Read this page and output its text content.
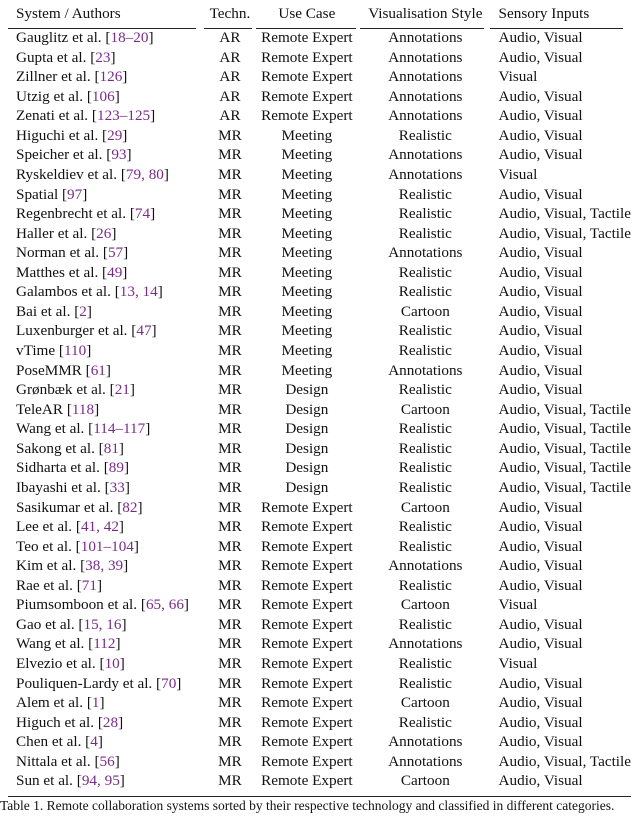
System / Authors	Techn.	Use Case	Visualisation Style	Sensory Inputs
Gauglitz et al. [18–20]	AR	Remote Expert	Annotations	Audio, Visual
Gupta et al. [23]	AR	Remote Expert	Annotations	Audio, Visual
Zillner et al. [126]	AR	Remote Expert	Annotations	Visual
Utzig et al. [106]	AR	Remote Expert	Annotations	Audio, Visual
Zenati et al. [123–125]	AR	Remote Expert	Annotations	Audio, Visual
Higuchi et al. [29]	MR	Meeting	Realistic	Audio, Visual
Speicher et al. [93]	MR	Meeting	Annotations	Audio, Visual
Ryskeldiev et al. [79, 80]	MR	Meeting	Annotations	Visual
Spatial [97]	MR	Meeting	Realistic	Audio, Visual
Regenbrecht et al. [74]	MR	Meeting	Realistic	Audio, Visual, Tactile
Haller et al. [26]	MR	Meeting	Realistic	Audio, Visual, Tactile
Norman et al. [57]	MR	Meeting	Annotations	Audio, Visual
Matthes et al. [49]	MR	Meeting	Realistic	Audio, Visual
Galambos et al. [13, 14]	MR	Meeting	Realistic	Audio, Visual
Bai et al. [2]	MR	Meeting	Cartoon	Audio, Visual
Luxenburger et al. [47]	MR	Meeting	Realistic	Audio, Visual
vTime [110]	MR	Meeting	Realistic	Audio, Visual
PoseMMR [61]	MR	Meeting	Annotations	Audio, Visual
Grønbæk et al. [21]	MR	Design	Realistic	Audio, Visual
TeleAR [118]	MR	Design	Cartoon	Audio, Visual, Tactile
Wang et al. [114–117]	MR	Design	Realistic	Audio, Visual, Tactile
Sakong et al. [81]	MR	Design	Realistic	Audio, Visual, Tactile
Sidharta et al. [89]	MR	Design	Realistic	Audio, Visual, Tactile
Ibayashi et al. [33]	MR	Design	Realistic	Audio, Visual, Tactile
Sasikumar et al. [82]	MR	Remote Expert	Cartoon	Audio, Visual
Lee et al. [41, 42]	MR	Remote Expert	Realistic	Audio, Visual
Teo et al. [101–104]	MR	Remote Expert	Realistic	Audio, Visual
Kim et al. [38, 39]	MR	Remote Expert	Annotations	Audio, Visual
Rae et al. [71]	MR	Remote Expert	Realistic	Audio, Visual
Piumsomboon et al. [65, 66]	MR	Remote Expert	Cartoon	Visual
Gao et al. [15, 16]	MR	Remote Expert	Realistic	Audio, Visual
Wang et al. [112]	MR	Remote Expert	Annotations	Audio, Visual
Elvezio et al. [10]	MR	Remote Expert	Realistic	Visual
Pouliquen-Lardy et al. [70]	MR	Remote Expert	Realistic	Audio, Visual
Alem et al. [1]	MR	Remote Expert	Cartoon	Audio, Visual
Higuch et al. [28]	MR	Remote Expert	Realistic	Audio, Visual
Chen et al. [4]	MR	Remote Expert	Annotations	Audio, Visual
Nittala et al. [56]	MR	Remote Expert	Annotations	Audio, Visual, Tactile
Sun et al. [94, 95]	MR	Remote Expert	Cartoon	Audio, Visual
Table 1. Remote collaboration systems sorted by their respective technology and classified in different categories.
